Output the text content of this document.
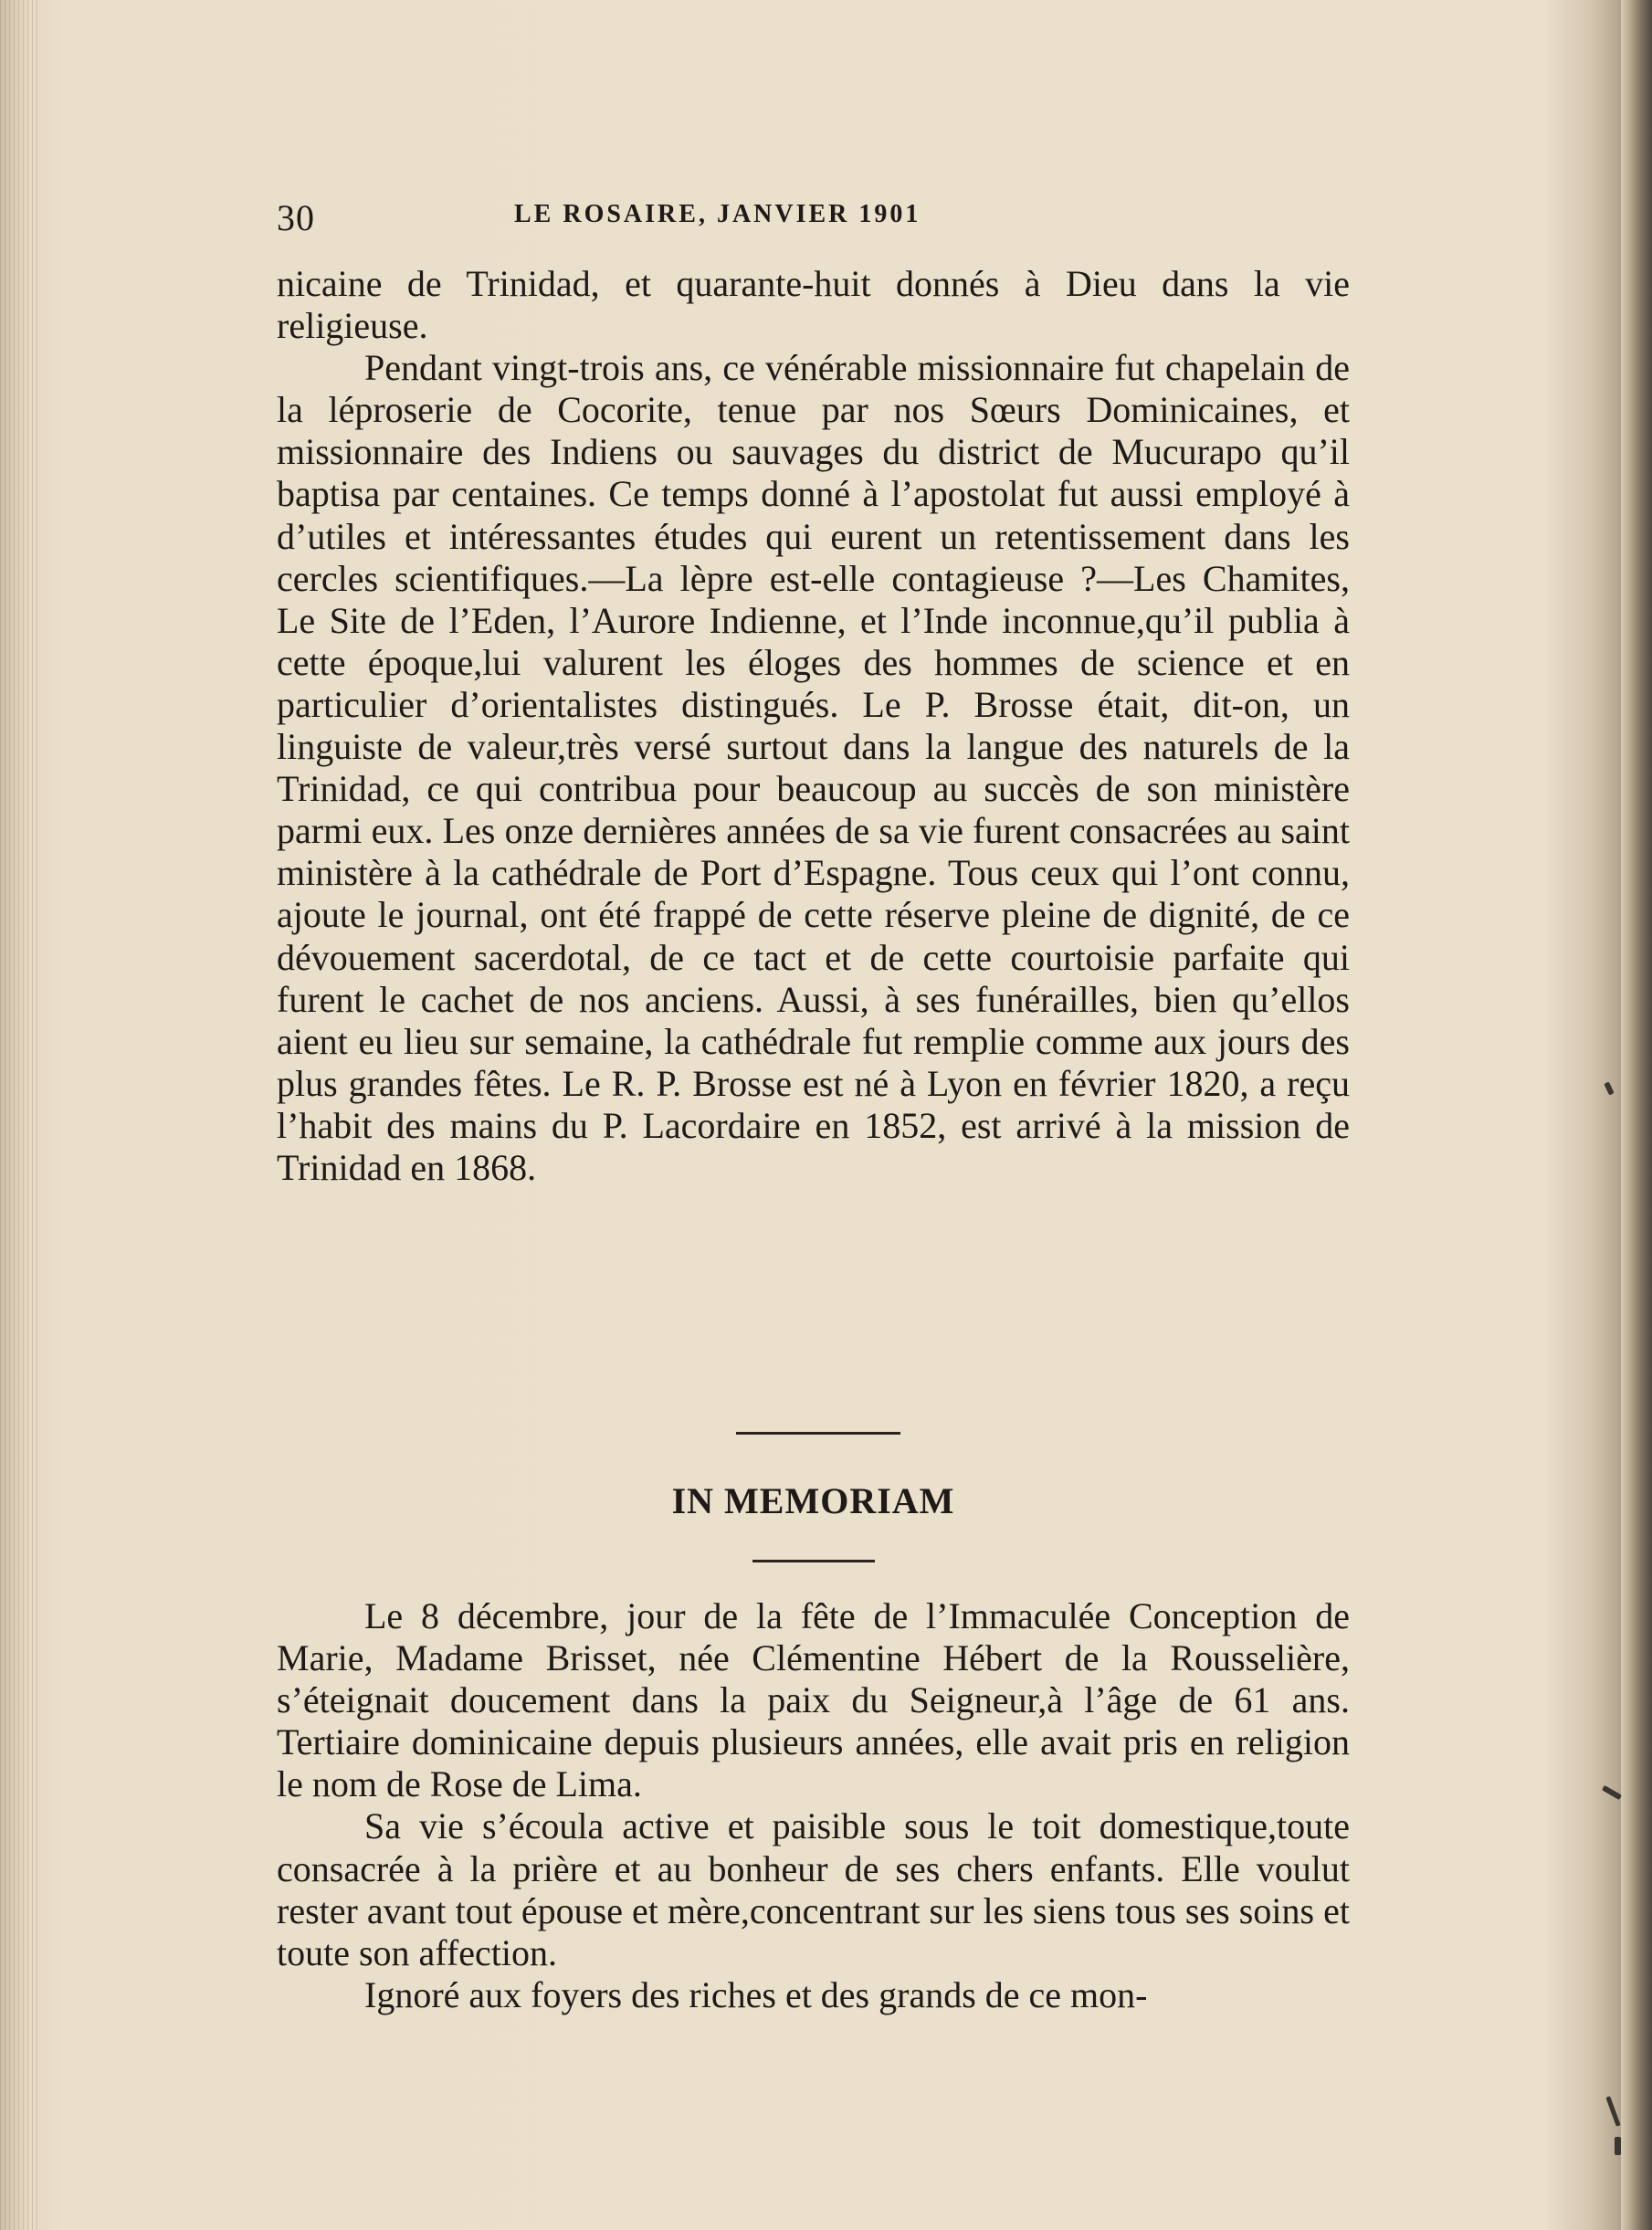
30	LE ROSAIRE, JANVIER 1901

nicaine de Trinidad, et quarante-huit donnés à Dieu dans la vie religieuse.

Pendant vingt-trois ans, ce vénérable missionnaire fut chapelain de la léproserie de Cocorite, tenue par nos Sœurs Dominicaines, et missionnaire des Indiens ou sauvages du district de Mucurapo qu’il baptisa par centaines. Ce temps donné à l’apostolat fut aussi employé à d’utiles et intéressantes études qui eurent un retentissement dans les cercles scientifiques.—La lèpre est-elle contagieuse ?—Les Chamites, Le Site de l’Eden, l’Aurore Indienne, et l’Inde inconnue,qu’il publia à cette époque,lui valurent les éloges des hommes de science et en particulier d’orientalistes distingués. Le P. Brosse était, dit-on, un linguiste de valeur,très versé surtout dans la langue des naturels de la Trinidad, ce qui contribua pour beaucoup au succès de son ministère parmi eux. Les onze dernières années de sa vie furent consacrées au saint ministère à la cathédrale de Port d’Espagne. Tous ceux qui l’ont connu, ajoute le journal, ont été frappé de cette réserve pleine de dignité, de ce dévouement sacerdotal, de ce tact et de cette courtoisie parfaite qui furent le cachet de nos anciens. Aussi, à ses funérailles, bien qu’ellos aient eu lieu sur semaine, la cathédrale fut remplie comme aux jours des plus grandes fêtes. Le R. P. Brosse est né à Lyon en février 1820, a reçu l’habit des mains du P. Lacordaire en 1852, est arrivé à la mission de Trinidad en 1868.

IN MEMORIAM

Le 8 décembre, jour de la fête de l’Immaculée Conception de Marie, Madame Brisset, née Clémentine Hébert de la Rousselière, s’éteignait doucement dans la paix du Seigneur,à l’âge de 61 ans. Tertiaire dominicaine depuis plusieurs années, elle avait pris en religion le nom de Rose de Lima.

Sa vie s’écoula active et paisible sous le toit domestique,toute consacrée à la prière et au bonheur de ses chers enfants. Elle voulut rester avant tout épouse et mère,concentrant sur les siens tous ses soins et toute son affection.

Ignoré aux foyers des riches et des grands de ce mon-
